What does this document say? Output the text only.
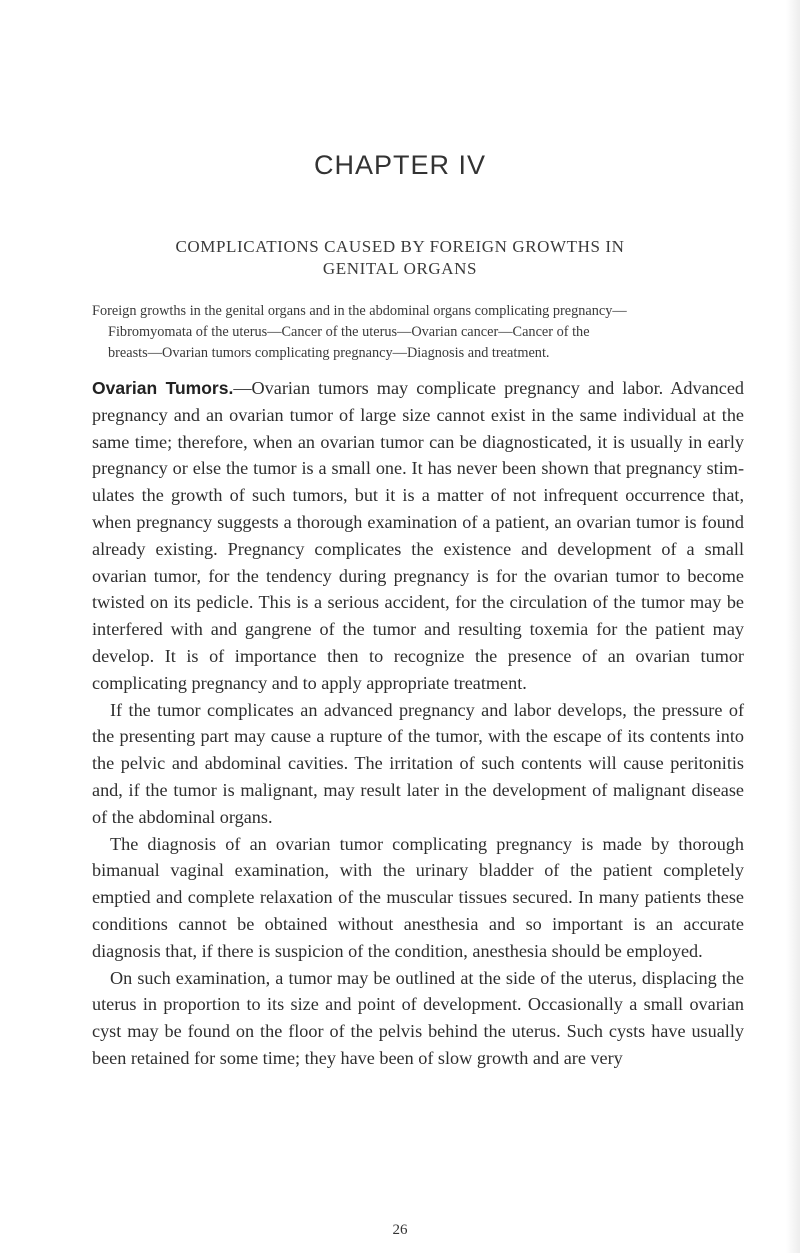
CHAPTER IV
COMPLICATIONS CAUSED BY FOREIGN GROWTHS IN
GENITAL ORGANS
Foreign growths in the genital organs and in the abdominal organs complicating pregnancy—
Fibromyomata of the uterus—Cancer of the uterus—Ovarian cancer—Cancer of the
breasts—Ovarian tumors complicating pregnancy—Diagnosis and treatment.

Ovarian Tumors.—Ovarian tumors may complicate pregnancy and labor. Advanced pregnancy and an ovarian tumor of large size cannot exist in the same individual at the same time; therefore, when an ovarian tumor can be diagnosticated, it is usually in early pregnancy or else the tumor is a small one. It has never been shown that pregnancy stimulates the growth of such tumors, but it is a matter of not infrequent occurrence that, when pregnancy suggests a thorough examination of a patient, an ovarian tumor is found already existing. Pregnancy complicates the existence and development of a small ovarian tumor, for the tendency during pregnancy is for the ovarian tumor to become twisted on its pedicle. This is a serious accident, for the circulation of the tumor may be interfered with and gangrene of the tumor and resulting toxemia for the patient may develop. It is of importance then to recognize the presence of an ovarian tumor complicating pregnancy and to apply appropriate treatment.

If the tumor complicates an advanced pregnancy and labor develops, the pressure of the presenting part may cause a rupture of the tumor, with the escape of its contents into the pelvic and abdominal cavities. The irritation of such contents will cause peritonitis and, if the tumor is malignant, may result later in the development of malignant disease of the abdominal organs.

The diagnosis of an ovarian tumor complicating pregnancy is made by thorough bimanual vaginal examination, with the urinary bladder of the patient completely emptied and complete relaxation of the muscular tissues secured. In many patients these conditions cannot be obtained without anesthesia and so important is an accurate diagnosis that, if there is suspicion of the condition, anesthesia should be employed.

On such examination, a tumor may be outlined at the side of the uterus, displacing the uterus in proportion to its size and point of development. Occasionally a small ovarian cyst may be found on the floor of the pelvis behind the uterus. Such cysts have usually been retained for some time; they have been of slow growth and are very

26
